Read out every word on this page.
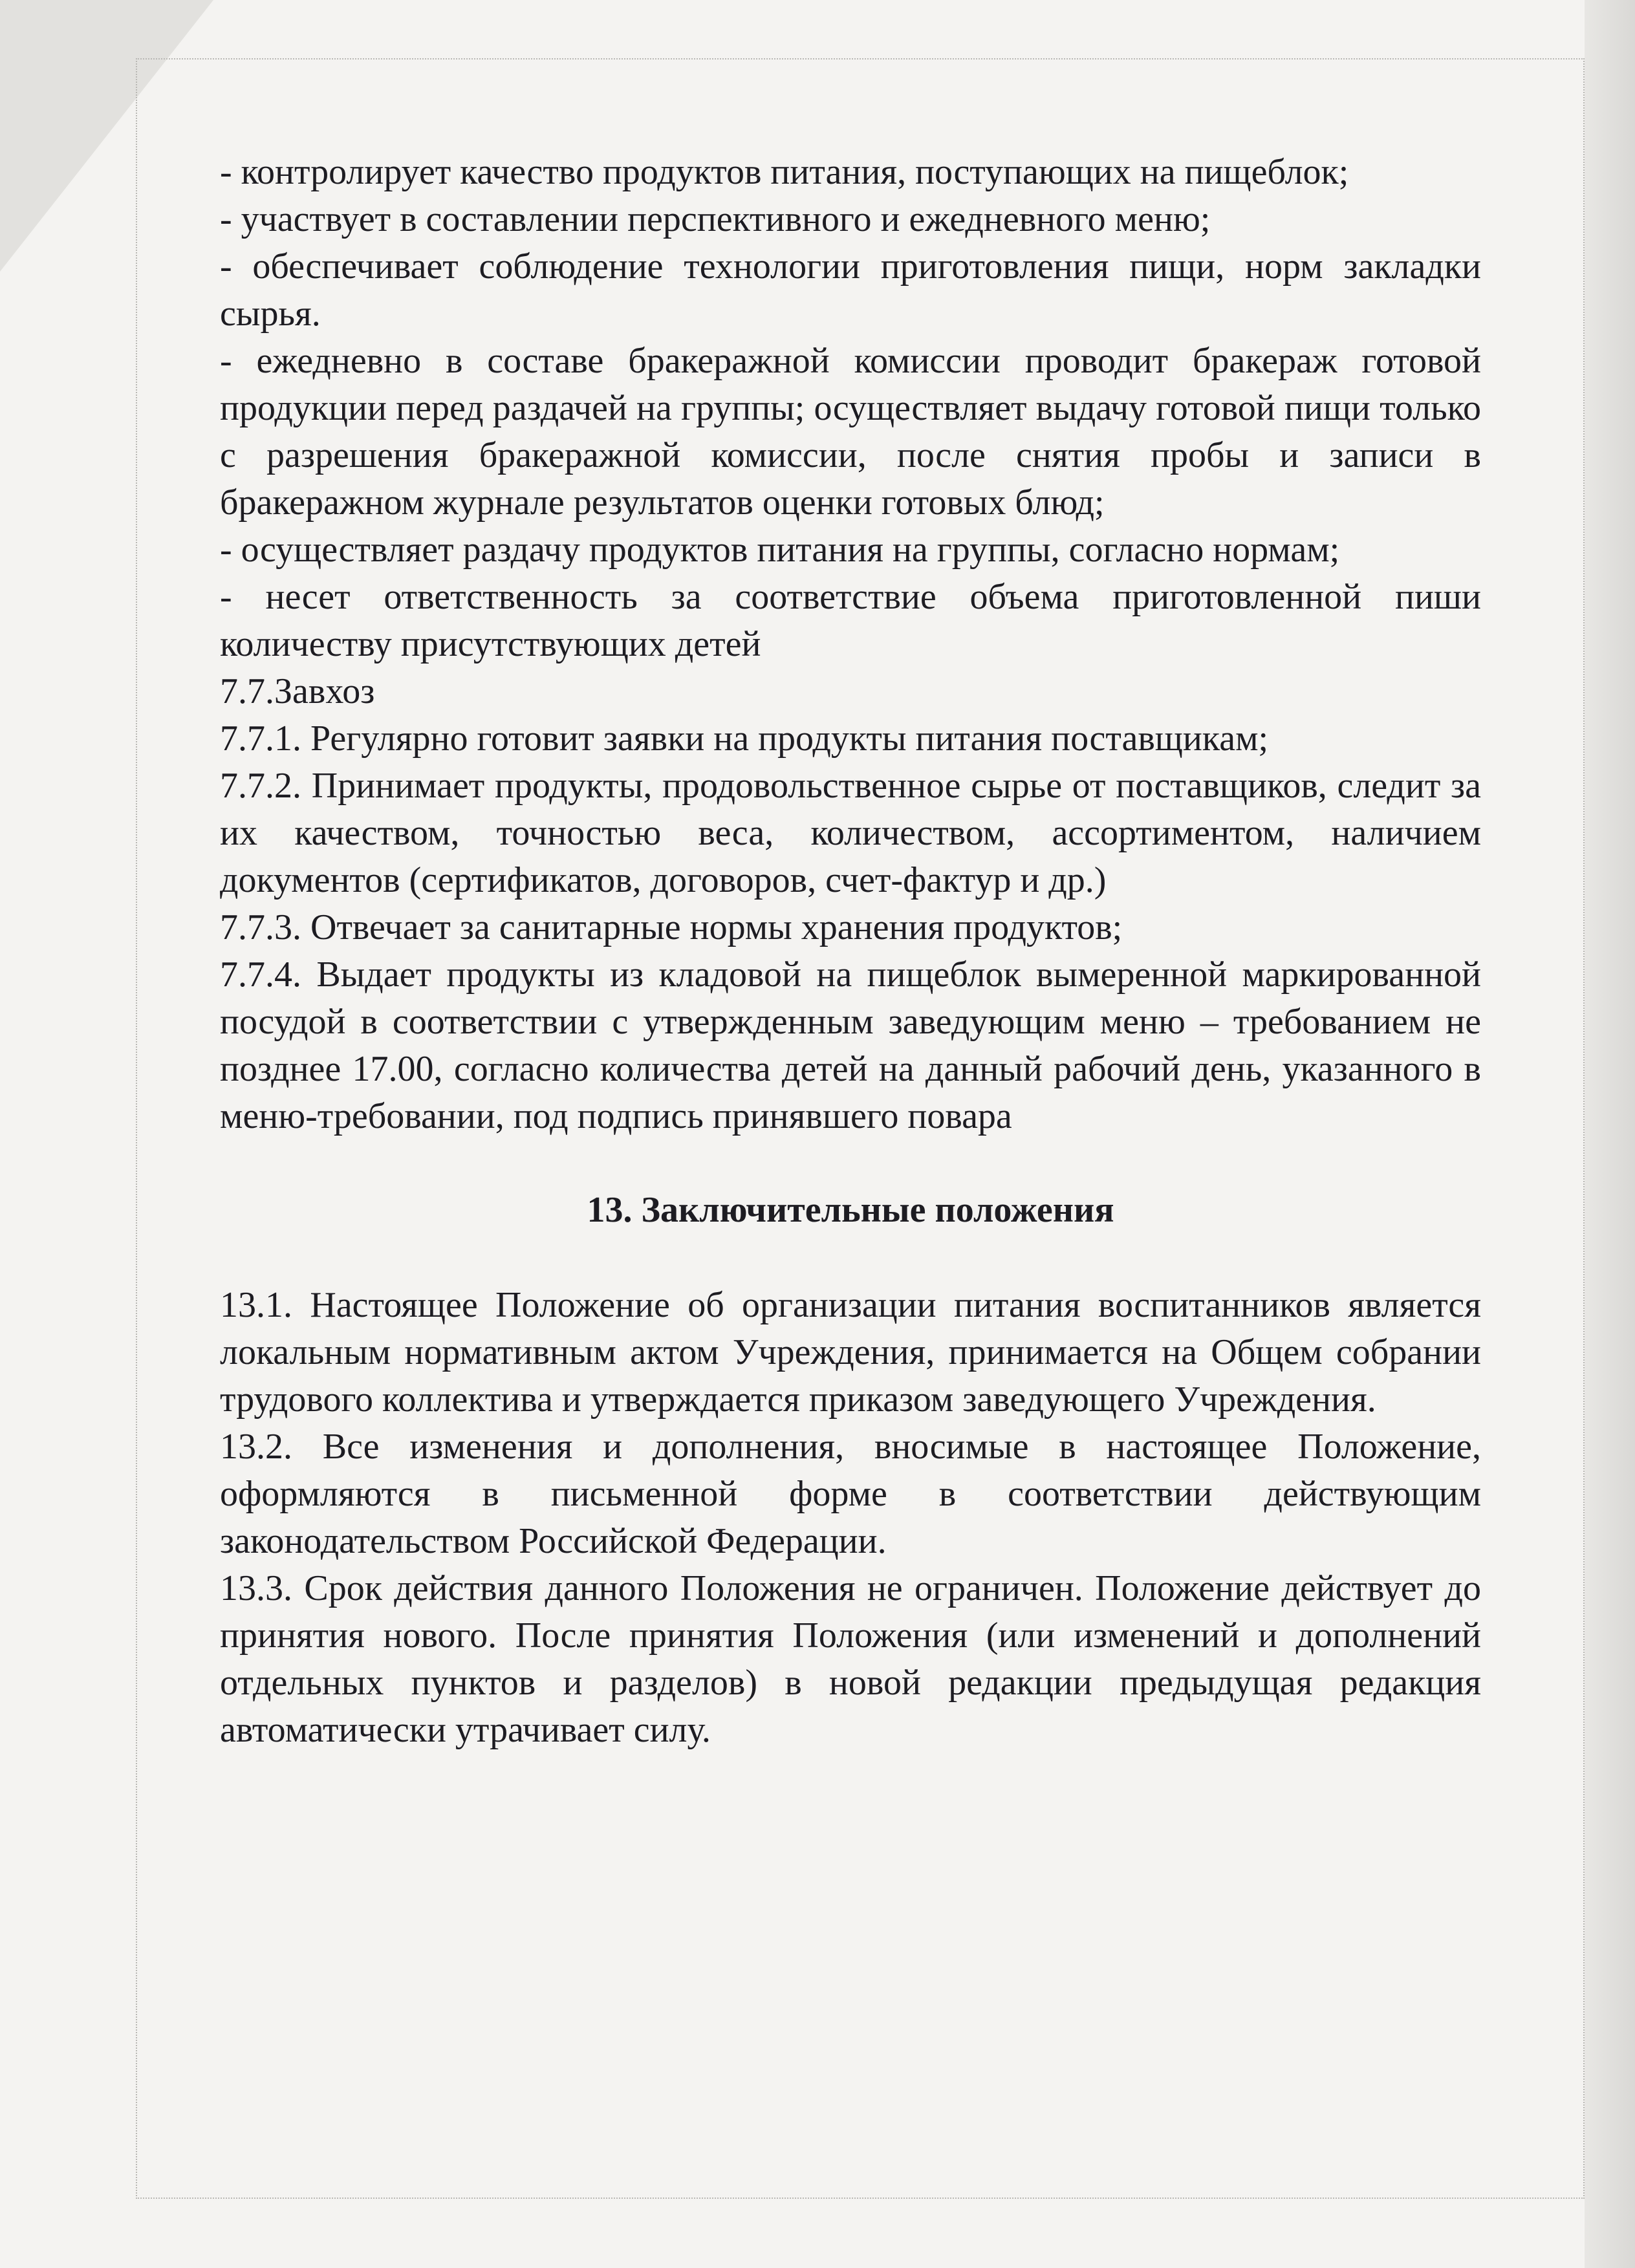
- контролирует качество продуктов питания, поступающих на пищеблок;

- участвует в составлении перспективного и ежедневного меню;

- обеспечивает соблюдение технологии приготовления пищи, норм закладки сырья.

- ежедневно в составе бракеражной комиссии проводит бракераж готовой продукции перед раздачей на группы; осуществляет выдачу готовой пищи только с разрешения бракеражной комиссии, после снятия пробы и записи в бракеражном журнале результатов оценки готовых блюд;

- осуществляет раздачу продуктов питания на группы, согласно нормам;

- несет ответственность за соответствие объема приготовленной пиши количеству присутствующих детей

7.7.Завхоз

7.7.1. Регулярно готовит заявки на продукты питания поставщикам;

7.7.2. Принимает продукты, продовольственное сырье от поставщиков, следит за их качеством, точностью веса, количеством, ассортиментом, наличием документов (сертификатов, договоров, счет-фактур и др.)

7.7.3. Отвечает за санитарные нормы хранения продуктов;

7.7.4. Выдает продукты из кладовой на пищеблок вымеренной маркированной посудой в соответствии с утвержденным заведующим меню – требованием не позднее 17.00, согласно количества детей на данный рабочий день, указанного в меню-требовании, под подпись принявшего повара

13. Заключительные положения

13.1. Настоящее Положение об организации питания воспитанников является локальным нормативным актом Учреждения, принимается на Общем собрании трудового коллектива и утверждается приказом заведующего Учреждения.

13.2. Все изменения и дополнения, вносимые в настоящее Положение, оформляются в письменной форме в соответствии действующим законодательством Российской Федерации.

13.3. Срок действия данного Положения не ограничен. Положение действует до принятия нового. После принятия Положения (или изменений и дополнений отдельных пунктов и разделов) в новой редакции предыдущая редакция автоматически утрачивает силу.
